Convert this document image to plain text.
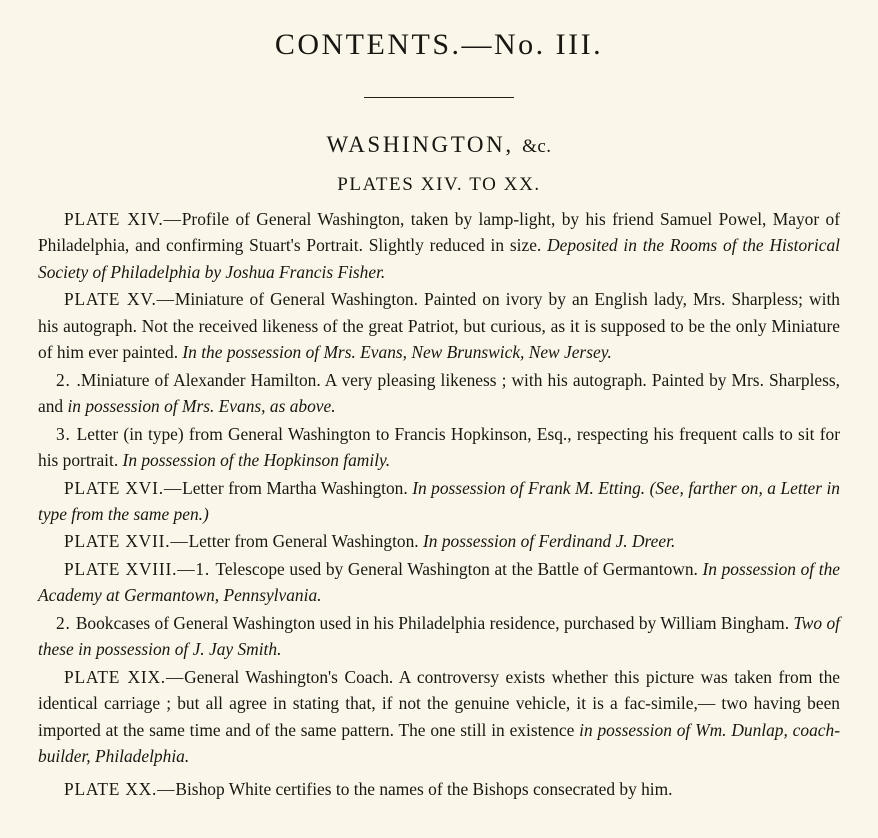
CONTENTS.—No. III.
WASHINGTON, &c.
PLATES XIV. TO XX.

PLATE XIV.—Profile of General Washington, taken by lamp-light, by his friend Samuel Powel, Mayor of Philadelphia, and confirming Stuart's Portrait. Slightly reduced in size. Deposited in the Rooms of the Historical Society of Philadelphia by Joshua Francis Fisher.

PLATE XV.—Miniature of General Washington. Painted on ivory by an English lady, Mrs. Sharpless; with his autograph. Not the received likeness of the great Patriot, but curious, as it is supposed to be the only Miniature of him ever painted. In the possession of Mrs. Evans, New Brunswick, New Jersey.

2. .Miniature of Alexander Hamilton. A very pleasing likeness ; with his autograph. Painted by Mrs. Sharpless, and in possession of Mrs. Evans, as above.

3. Letter (in type) from General Washington to Francis Hopkinson, Esq., respecting his frequent calls to sit for his portrait. In possession of the Hopkinson family.

PLATE XVI.—Letter from Martha Washington. In possession of Frank M. Etting. (See, farther on, a Letter in type from the same pen.)

PLATE XVII.—Letter from General Washington. In possession of Ferdinand J. Dreer.

PLATE XVIII.—1. Telescope used by General Washington at the Battle of Germantown. In possession of the Academy at Germantown, Pennsylvania.

2. Bookcases of General Washington used in his Philadelphia residence, purchased by William Bingham. Two of these in possession of J. Jay Smith.

PLATE XIX.—General Washington's Coach. A controversy exists whether this picture was taken from the identical carriage ; but all agree in stating that, if not the genuine vehicle, it is a fac-simile,— two having been imported at the same time and of the same pattern. The one still in existence in possession of Wm. Dunlap, coach-builder, Philadelphia.

PLATE XX.—Bishop White certifies to the names of the Bishops consecrated by him.
